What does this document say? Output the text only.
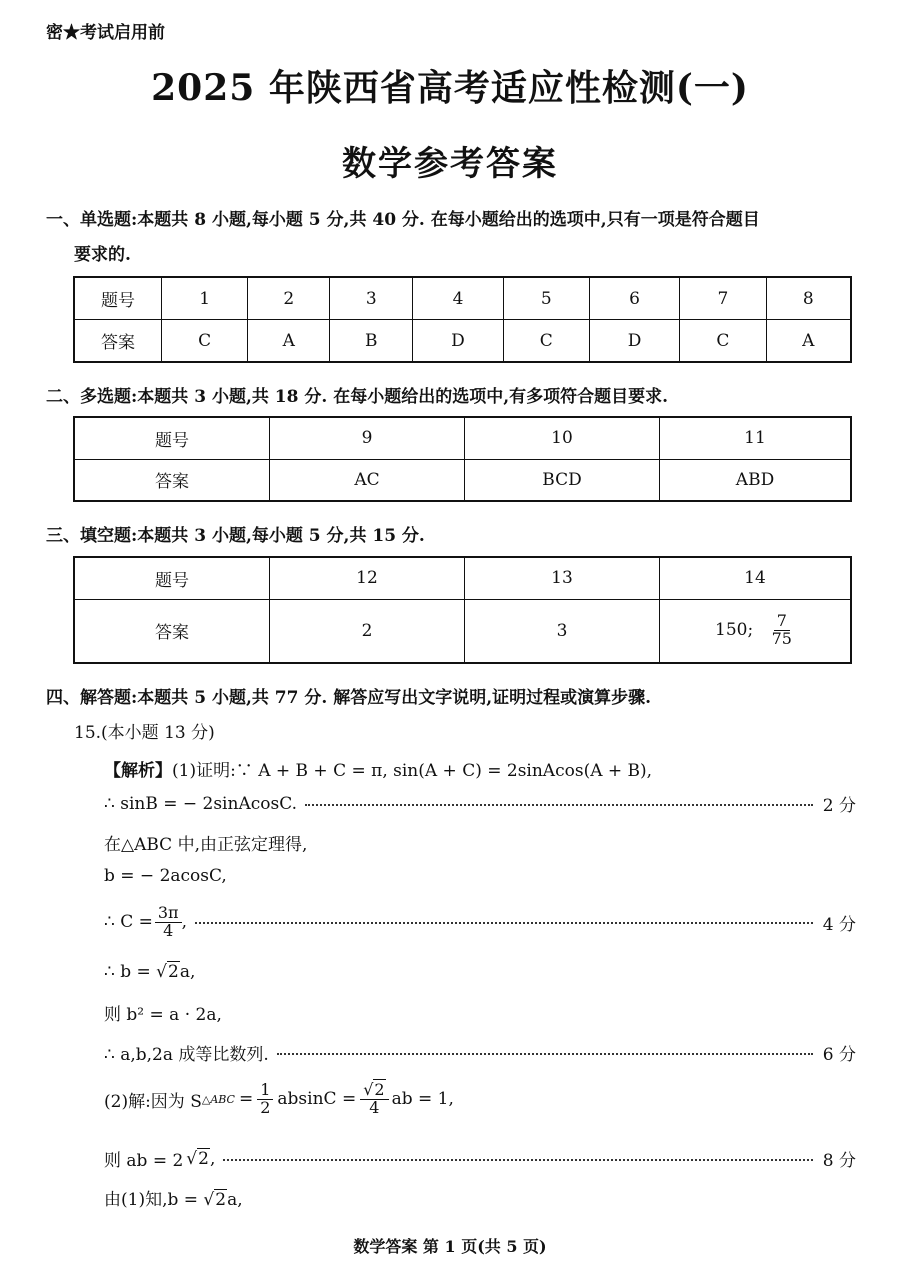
密★考试启用前
2025 年陕西省高考适应性检测(一)
数学参考答案
一、单选题:本题共 8 小题,每小题 5 分,共 40 分. 在每小题给出的选项中,只有一项是符合题目
要求的.
题号	1	2	3	4	5	6	7	8
答案	C	A	B	D	C	D	C	A
二、多选题:本题共 3 小题,共 18 分. 在每小题给出的选项中,有多项符合题目要求.
题号	9	10	11
答案	AC	BCD	ABD
三、填空题:本题共 3 小题,每小题 5 分,共 15 分.
题号	12	13	14
答案	2	3	150; $\frac{7}{75}$
四、解答题:本题共 5 小题,共 77 分. 解答应写出文字说明,证明过程或演算步骤.
15.(本小题 13 分)
【解析】(1)证明:∵ A + B + C = π, sin(A + C) = 2sinAcos(A + B),
∴ sinB = − 2sinAcosC.	2 分
在△ABC 中,由正弦定理得,
b = − 2acosC,
∴ $C = \frac{3\pi}{4}$ ,	4 分
∴ b = √2a,
则 b² = a · 2a,
∴ a,b,2a 成等比数列.	6 分
(2)解:因为 S △ABC = $\frac{1}{2}$ $absinC = \frac{√2}{4}$ ab = 1,
则 ab = 2 √2 ,	8 分
由(1)知,b = √2a,
数学答案 第 1 页(共 5 页)
